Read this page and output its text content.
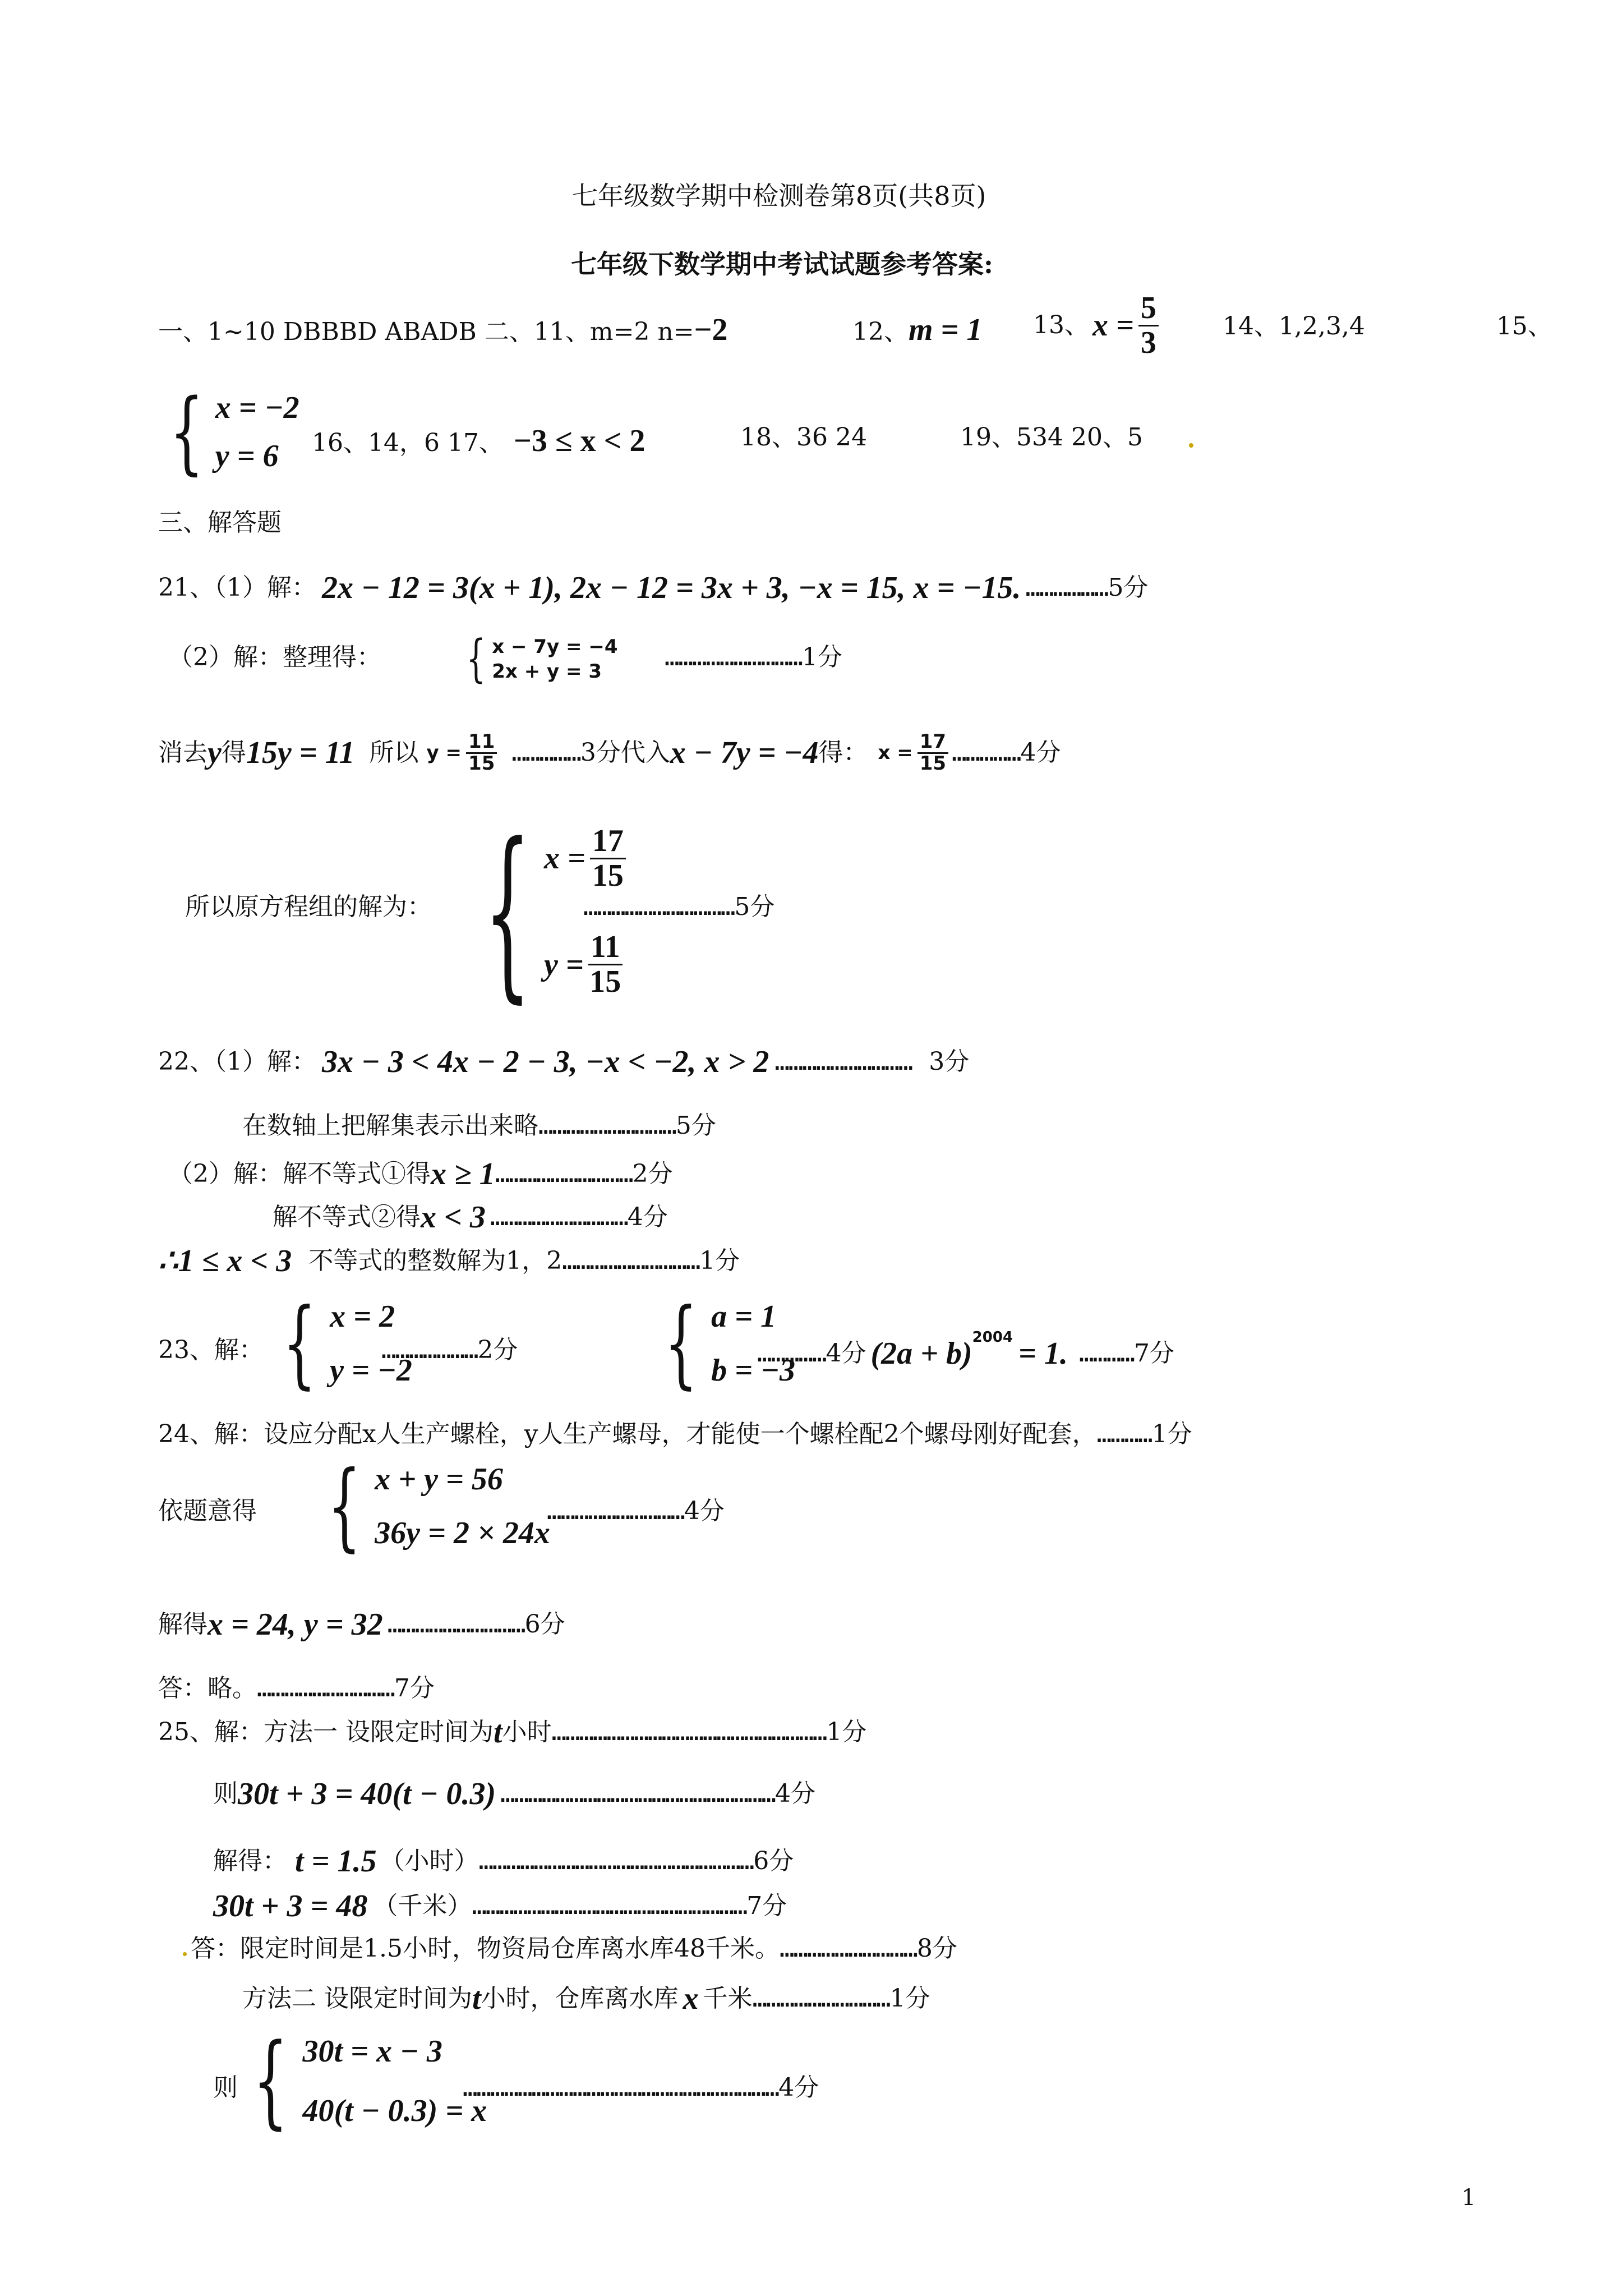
七年级数学期中检测卷第8页(共8页)
七年级下数学期中考试试题参考答案:
一、1~10 DBBBD ABADB 二、11、m=2 n=−2	12、m = 1 13、 $x = \frac{5}{3}$	14、1,2,3,4	15、
{ x = −2
y = 6	16、14，6 17、 −3 ≤ x < 2	18、36 24	19、534 20、5
三、解答题
21、（1）解： 2x − 12 = 3(x + 1), 2x − 12 = 3x + 3, −x = 15, x = −15. ……………… 5分
（2）解：整理得： { x − 7y = −4
2x + y = 3	…………………………1分
消去 y 得 15y = 11 所以 $y = \frac{11}{15}$ …………… 3分代入 x − 7y = −4 得： $x = \frac{17}{15}$ …………… 4分
所以原方程组的解为： { $x = \frac{17}{15}$
$y = \frac{11}{15}$
……………………………5分
22、（1）解： 3x − 3 < 4x − 2 − 3, −x < −2, x > 2 ………………………… 3分
在数轴上把解集表示出来略…………………………5分
（2）解：解不等式①得 x ≥ 1 ………………………… 2分
解不等式②得 x < 3 ………………………… 4分
∴1 ≤ x < 3 不等式的整数解为1，2 ………………………… 1分
23、解： { x = 2
y = −2
…………………2分 { a = 1
b = −3
…………… 4分 $(2a + b)^{2004} = 1$. ………… 7分
24、解：设应分配x人生产螺栓，y人生产螺母，才能使一个螺栓配2个螺母刚好配套，…………1分
依题意得 { x + y = 56
36y = 2 × 24x
…………………………4分
解得 x = 24, y = 32 ………………………… 6分
答：略。…………………………7分
25、解：方法一 设限定时间为 t 小时 …………………………………………………… 1分
则 30t + 3 = 40(t − 0.3) …………………………………………………… 4分
解得： t = 1.5 （小时） …………………………………………………… 6分
30t + 3 = 48 （千米） …………………………………………………… 7分
答：限定时间是1.5小时，物资局仓库离水库48千米。…………………………8分
方法二 设限定时间为 t 小时，仓库离水库 x 千米 ………………………… 1分
则 { 30t = x − 3
40(t − 0.3) = x
……………………………………………………………4分
1
